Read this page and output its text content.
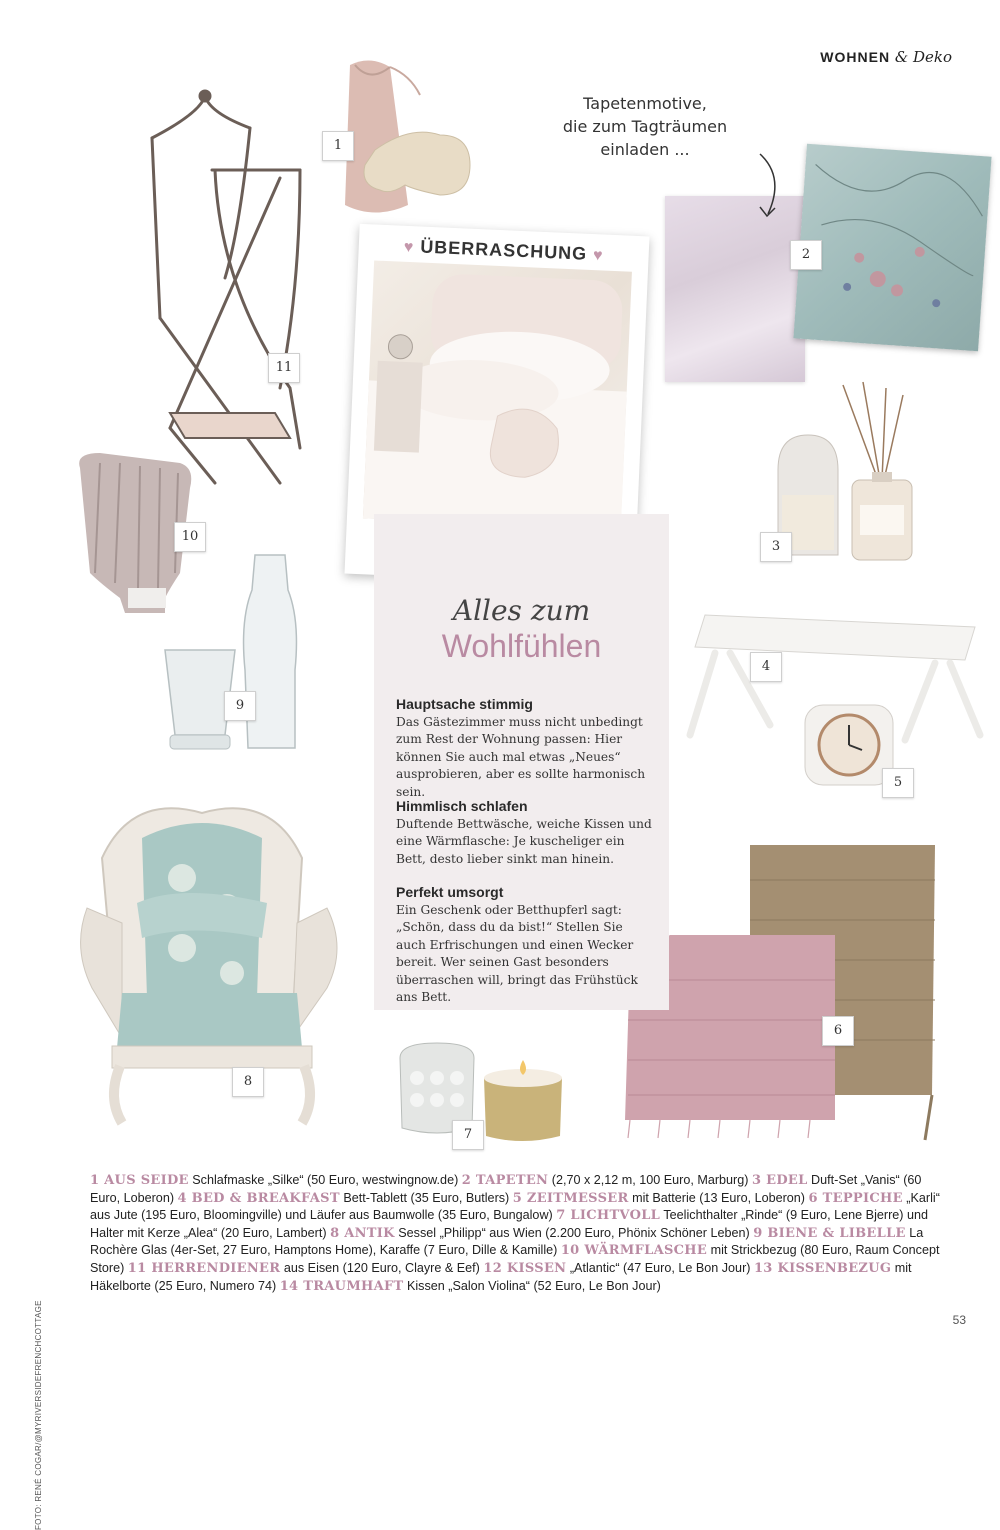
WOHNEN & Deko
Tapetenmotive,
die zum Tagträumen
einladen ...
♥ ÜBERRASCHUNG ♥
Alles zum
Wohlfühlen
Hauptsache stimmig

Das Gästezimmer muss nicht unbedingt zum Rest der Wohnung passen: Hier können Sie auch mal etwas „Neues“ ausprobieren, aber es sollte harmonisch sein.

Himmlisch schlafen

Duftende Bettwäsche, weiche Kissen und eine Wärmflasche: Je kuscheliger ein Bett, desto lieber sinkt man hinein.

Perfekt umsorgt

Ein Geschenk oder Betthupferl sagt: „Schön, dass du da bist!“ Stellen Sie auch Erfrischungen und einen Wecker bereit. Wer seinen Gast besonders überraschen will, bringt das Frühstück ans Bett.

1
2
3
4
5
6
7
8
9
10
11
1 AUS SEIDE Schlafmaske „Silke“ (50 Euro, westwingnow.de) 2 TAPETEN (2,70 x 2,12 m, 100 Euro, Marburg) 3 EDEL Duft-Set „Vanis“ (60 Euro, Loberon) 4 BED & BREAKFAST Bett-Tablett (35 Euro, Butlers) 5 ZEITMESSER mit Batterie (13 Euro, Loberon) 6 TEPPICHE „Karli“ aus Jute (195 Euro, Bloomingville) und Läufer aus Baumwolle (35 Euro, Bungalow) 7 LICHTVOLL Teelichthalter „Rinde“ (9 Euro, Lene Bjerre) und Halter mit Kerze „Alea“ (20 Euro, Lambert) 8 ANTIK Sessel „Philipp“ aus Wien (2.200 Euro, Phönix Schöner Leben) 9 BIENE & LIBELLE La Rochère Glas (4er-Set, 27 Euro, Hamptons Home), Karaffe (7 Euro, Dille & Kamille) 10 WÄRMFLASCHE mit Strickbezug (80 Euro, Raum Concept Store) 11 HERRENDIENER aus Eisen (120 Euro, Clayre & Eef) 12 KISSEN „Atlantic“ (47 Euro, Le Bon Jour) 13 KISSENBEZUG mit Häkelborte (25 Euro, Numero 74) 14 TRAUMHAFT Kissen „Salon Violina“ (52 Euro, Le Bon Jour)
FOTO: RENÉ COGAR/@MYRIVERSIDEFRENCHCOTTAGE	53
